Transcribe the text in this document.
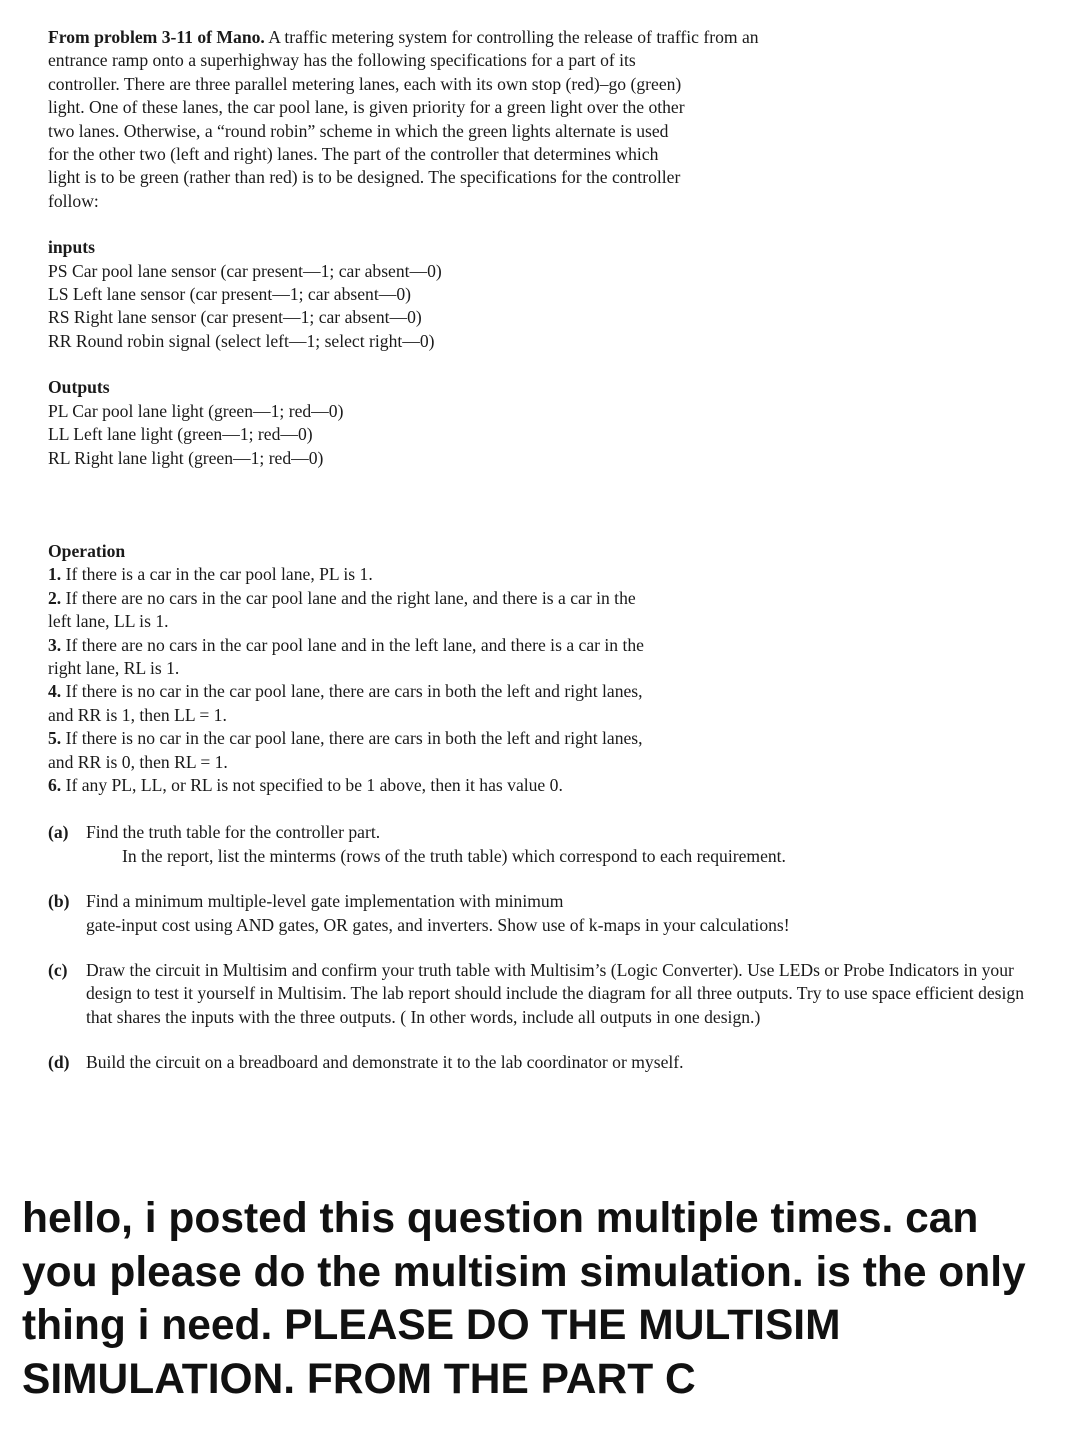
From problem 3-11 of Mano. A traffic metering system for controlling the release of traffic from an
entrance ramp onto a superhighway has the following specifications for a part of its controller. There are three parallel metering lanes, each with its own stop (red)–go (green) light. One of these lanes, the car pool lane, is given priority for a green light over the other two lanes. Otherwise, a “round robin” scheme in which the green lights alternate is used for the other two (left and right) lanes. The part of the controller that determines which light is to be green (rather than red) is to be designed. The specifications for the controller follow:
inputs
PS Car pool lane sensor (car present—1; car absent—0)
LS Left lane sensor (car present—1; car absent—0)
RS Right lane sensor (car present—1; car absent—0)
RR Round robin signal (select left—1; select right—0)
Outputs
PL Car pool lane light (green—1; red—0)
LL Left lane light (green—1; red—0)
RL Right lane light (green—1; red—0)
Operation
1. If there is a car in the car pool lane, PL is 1.
2. If there are no cars in the car pool lane and the right lane, and there is a car in the left lane, LL is 1.
3. If there are no cars in the car pool lane and in the left lane, and there is a car in the right lane, RL is 1.
4. If there is no car in the car pool lane, there are cars in both the left and right lanes, and RR is 1, then LL = 1.
5. If there is no car in the car pool lane, there are cars in both the left and right lanes, and RR is 0, then RL = 1.
6. If any PL, LL, or RL is not specified to be 1 above, then it has value 0.
(a) Find the truth table for the controller part.
In the report, list the minterms (rows of the truth table) which correspond to each requirement.
(b) Find a minimum multiple-level gate implementation with minimum
gate-input cost using AND gates, OR gates, and inverters. Show use of k-maps in your calculations!
(c) Draw the circuit in Multisim and confirm your truth table with Multisim’s (Logic Converter). Use LEDs or Probe Indicators in your design to test it yourself in Multisim. The lab report should include the diagram for all three outputs. Try to use space efficient design that shares the inputs with the three outputs. ( In other words, include all outputs in one design.)
(d) Build the circuit on a breadboard and demonstrate it to the lab coordinator or myself.
hello, i posted this question multiple times. can you please do the multisim simulation. is the only thing i need. PLEASE DO THE MULTISIM SIMULATION. FROM THE PART C
